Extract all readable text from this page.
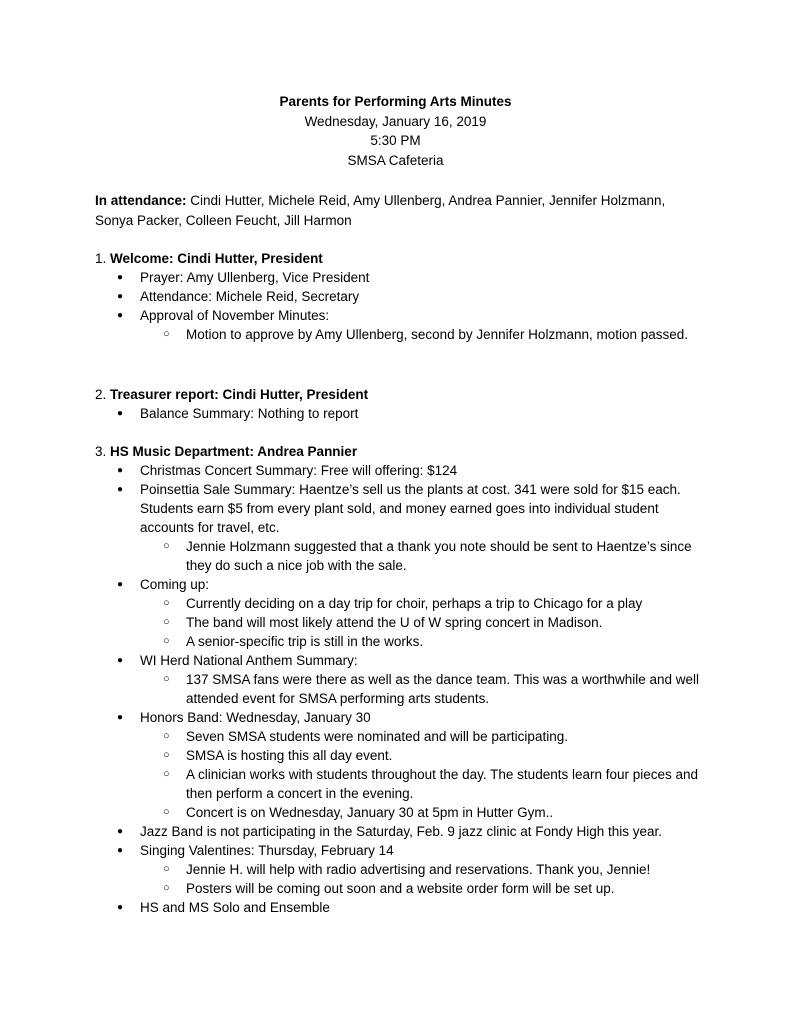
Parents for Performing Arts Minutes
Wednesday, January 16, 2019
5:30 PM
SMSA Cafeteria
In attendance: Cindi Hutter, Michele Reid, Amy Ullenberg, Andrea Pannier, Jennifer Holzmann, Sonya Packer, Colleen Feucht, Jill Harmon
1. Welcome: Cindi Hutter, President
● Prayer: Amy Ullenberg, Vice President
● Attendance: Michele Reid, Secretary
● Approval of November Minutes:
○ Motion to approve by Amy Ullenberg, second by Jennifer Holzmann, motion passed.
2. Treasurer report: Cindi Hutter, President
● Balance Summary: Nothing to report
3. HS Music Department: Andrea Pannier
● Christmas Concert Summary: Free will offering: $124
● Poinsettia Sale Summary: Haentze’s sell us the plants at cost. 341 were sold for $15 each. Students earn $5 from every plant sold, and money earned goes into individual student accounts for travel, etc.
○ Jennie Holzmann suggested that a thank you note should be sent to Haentze’s since they do such a nice job with the sale.
● Coming up:
○ Currently deciding on a day trip for choir, perhaps a trip to Chicago for a play
○ The band will most likely attend the U of W spring concert in Madison.
○ A senior-specific trip is still in the works.
● WI Herd National Anthem Summary:
○ 137 SMSA fans were there as well as the dance team. This was a worthwhile and well attended event for SMSA performing arts students.
● Honors Band: Wednesday, January 30
○ Seven SMSA students were nominated and will be participating.
○ SMSA is hosting this all day event.
○ A clinician works with students throughout the day. The students learn four pieces and then perform a concert in the evening.
○ Concert is on Wednesday, January 30 at 5pm in Hutter Gym..
● Jazz Band is not participating in the Saturday, Feb. 9 jazz clinic at Fondy High this year.
● Singing Valentines: Thursday, February 14
○ Jennie H. will help with radio advertising and reservations. Thank you, Jennie!
○ Posters will be coming out soon and a website order form will be set up.
● HS and MS Solo and Ensemble
